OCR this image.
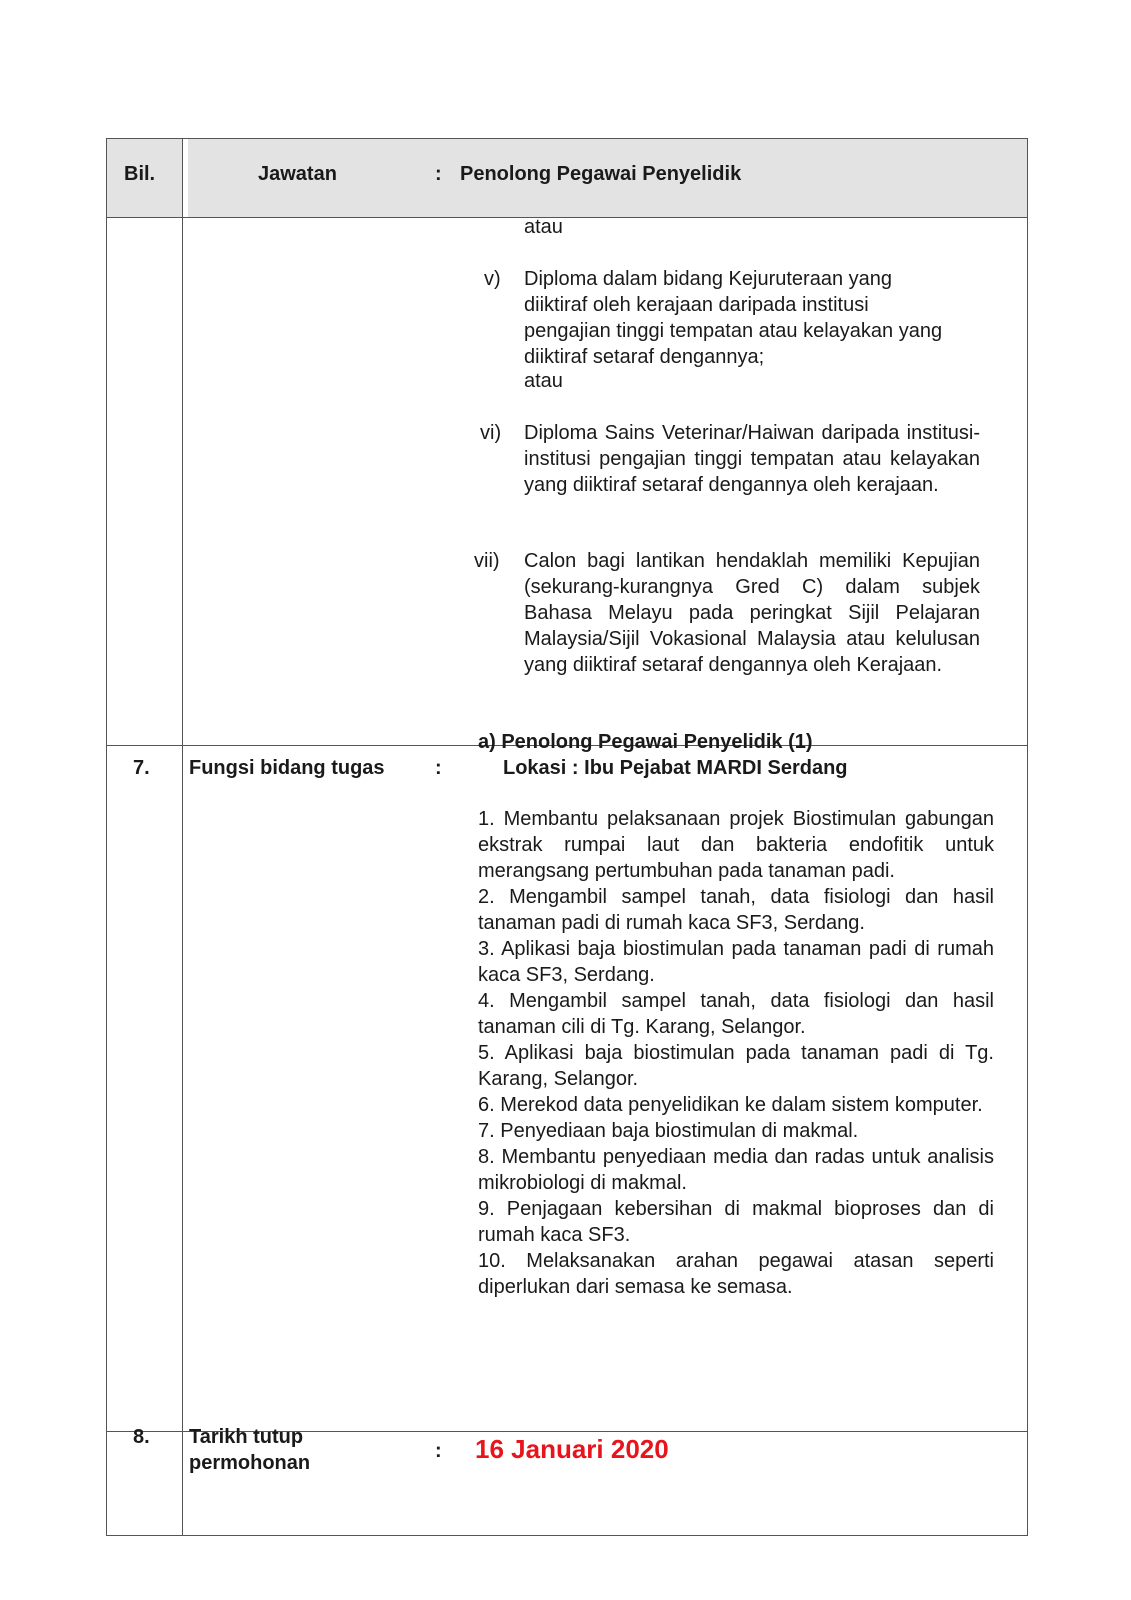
Bil.	Jawatan	: Penolong Pegawai Penyelidik
atau
v) Diploma dalam bidang Kejuruteraan yang diiktiraf oleh kerajaan daripada institusi pengajian tinggi tempatan atau kelayakan yang diiktiraf setaraf dengannya;
atau
vi) Diploma Sains Veterinar/Haiwan daripada institusi-institusi pengajian tinggi tempatan atau kelayakan yang diiktiraf setaraf dengannya oleh kerajaan.
vii) Calon bagi lantikan hendaklah memiliki Kepujian (sekurang-kurangnya Gred C) dalam subjek Bahasa Melayu pada peringkat Sijil Pelajaran Malaysia/Sijil Vokasional Malaysia atau kelulusan yang diiktiraf setaraf dengannya oleh Kerajaan.
7. Fungsi bidang tugas	:
a) Penolong Pegawai Penyelidik (1)
Lokasi : Ibu Pejabat MARDI Serdang
1. Membantu pelaksanaan projek Biostimulan gabungan ekstrak rumpai laut dan bakteria endofitik untuk merangsang pertumbuhan pada tanaman padi.
2. Mengambil sampel tanah, data fisiologi dan hasil tanaman padi di rumah kaca SF3, Serdang.
3. Aplikasi baja biostimulan pada tanaman padi di rumah kaca SF3, Serdang.
4. Mengambil sampel tanah, data fisiologi dan hasil tanaman cili di Tg. Karang, Selangor.
5. Aplikasi baja biostimulan pada tanaman padi di Tg. Karang, Selangor.
6. Merekod data penyelidikan ke dalam sistem komputer.
7. Penyediaan baja biostimulan di makmal.
8. Membantu penyediaan media dan radas untuk analisis mikrobiologi di makmal.
9. Penjagaan kebersihan di makmal bioproses dan di rumah kaca SF3.
10. Melaksanakan arahan pegawai atasan seperti diperlukan dari semasa ke semasa.
8. Tarikh tutup
permohonan
: 16 Januari 2020
